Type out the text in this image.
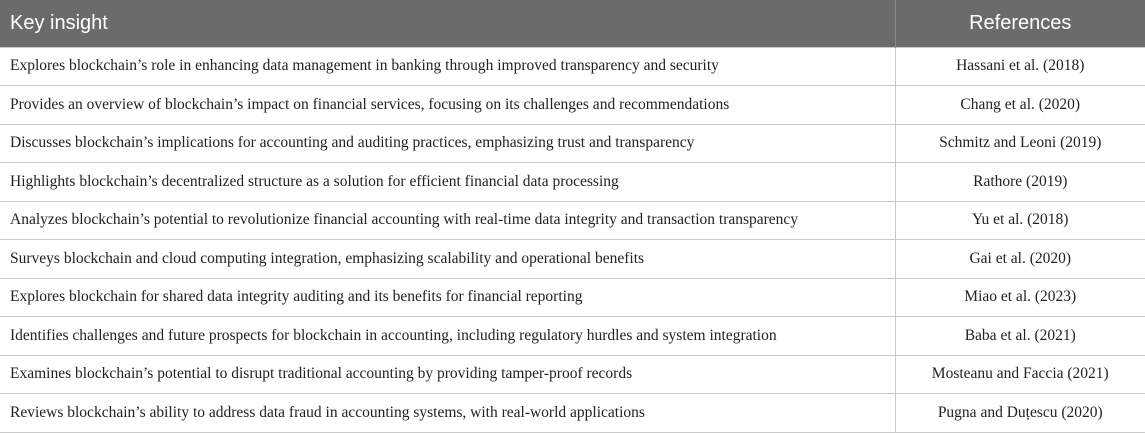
Key insight	References
Explores blockchain’s role in enhancing data management in banking through improved transparency and security	Hassani et al. (2018)
Provides an overview of blockchain’s impact on financial services, focusing on its challenges and recommendations	Chang et al. (2020)
Discusses blockchain’s implications for accounting and auditing practices, emphasizing trust and transparency	Schmitz and Leoni (2019)
Highlights blockchain’s decentralized structure as a solution for efficient financial data processing	Rathore (2019)
Analyzes blockchain’s potential to revolutionize financial accounting with real-time data integrity and transaction transparency	Yu et al. (2018)
Surveys blockchain and cloud computing integration, emphasizing scalability and operational benefits	Gai et al. (2020)
Explores blockchain for shared data integrity auditing and its benefits for financial reporting	Miao et al. (2023)
Identifies challenges and future prospects for blockchain in accounting, including regulatory hurdles and system integration	Baba et al. (2021)
Examines blockchain’s potential to disrupt traditional accounting by providing tamper-proof records	Mosteanu and Faccia (2021)
Reviews blockchain’s ability to address data fraud in accounting systems, with real-world applications	Pugna and Duțescu (2020)
